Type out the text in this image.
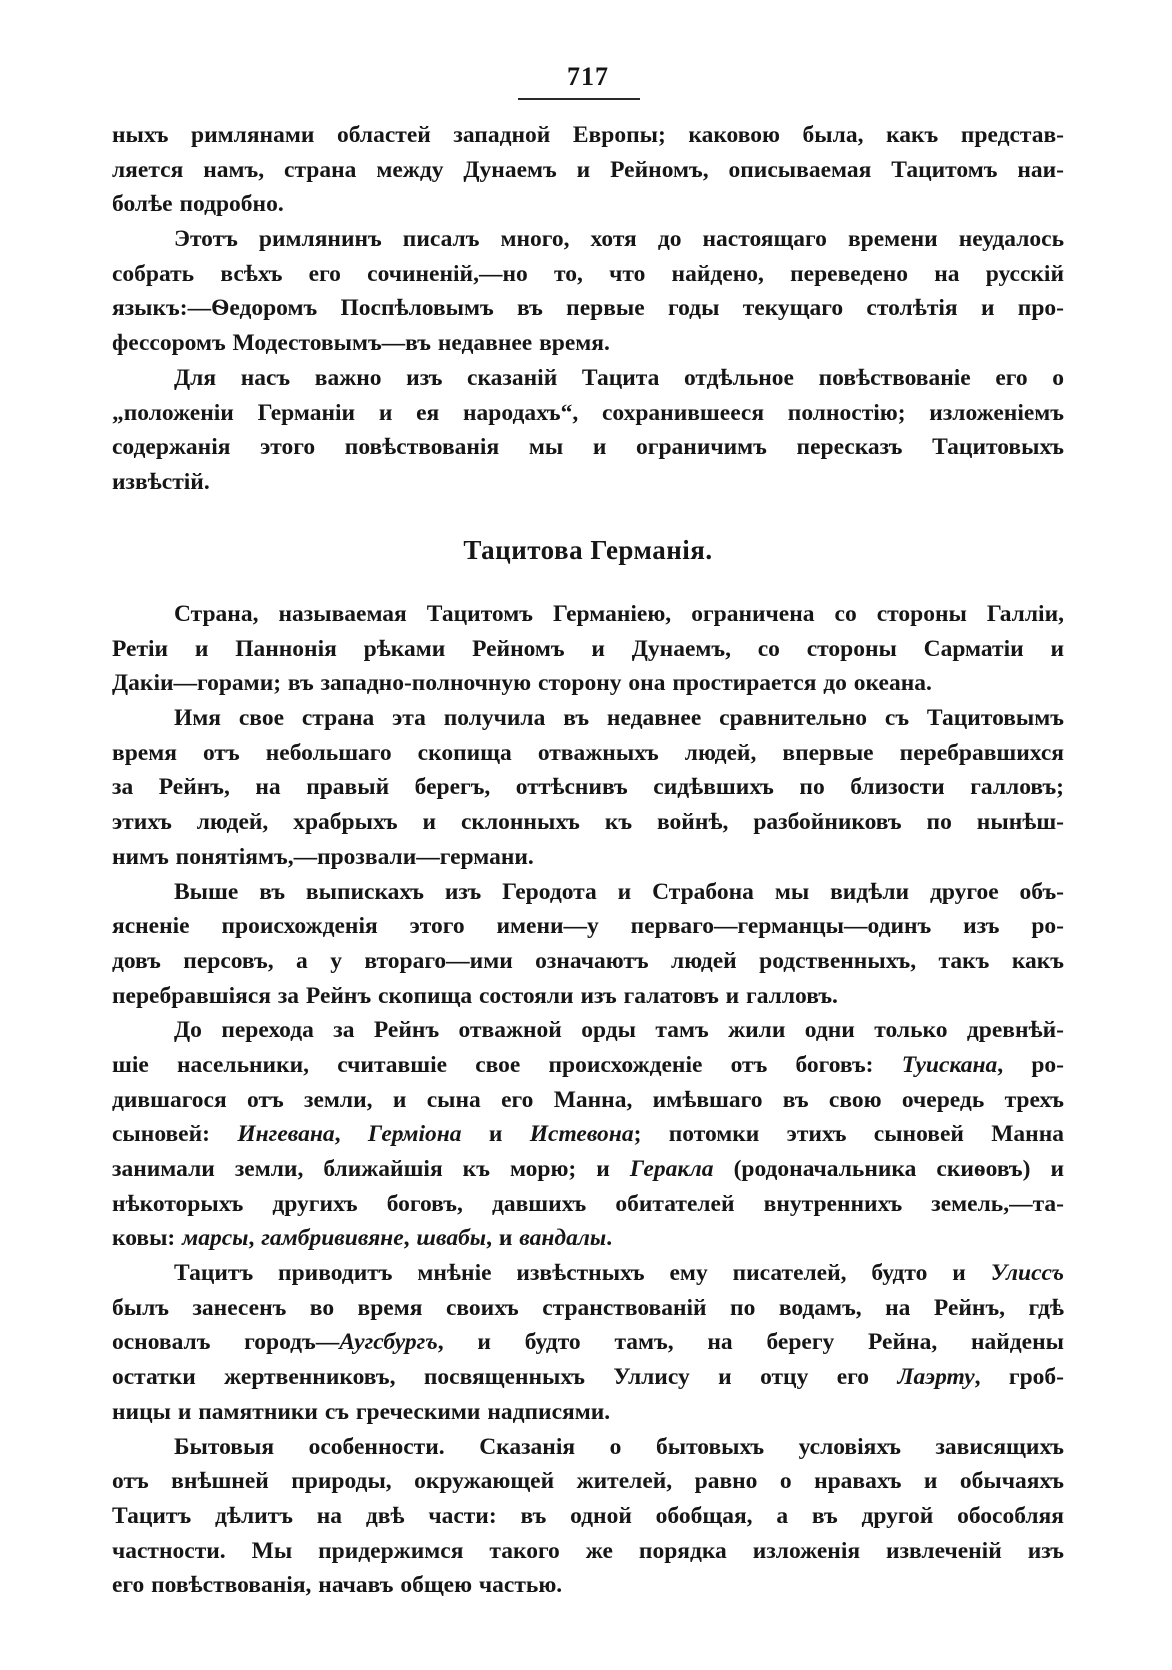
717
ныхъ римлянами областей западной Европы; каковою была, какъ представ-
ляется намъ, страна между Дунаемъ и Рейномъ, описываемая Тацитомъ наи-
болѣе подробно.
Этотъ римлянинъ писалъ много, хотя до настоящаго времени неудалось
собрать всѣхъ его сочиненій,—но то, что найдено, переведено на русскій
языкъ:—Ѳедоромъ Поспѣловымъ въ первые годы текущаго столѣтія и про-
фессоромъ Модестовымъ—въ недавнее время.
Для насъ важно изъ сказаній Тацита отдѣльное повѣствованіе его о
„положеніи Германіи и ея народахъ“, сохранившееся полностію; изложеніемъ
содержанія этого повѣствованія мы и ограничимъ пересказъ Тацитовыхъ
извѣстій.
Тацитова Германія.
Страна, называемая Тацитомъ Германіею, ограничена со стороны Галліи,
Ретіи и Паннонія рѣками Рейномъ и Дунаемъ, со стороны Сарматіи и
Дакіи—горами; въ западно-полночную сторону она простирается до океана.
Имя свое страна эта получила въ недавнее сравнительно съ Тацитовымъ
время отъ небольшаго скопища отважныхъ людей, впервые перебравшихся
за Рейнъ, на правый берегъ, оттѣснивъ сидѣвшихъ по близости галловъ;
этихъ людей, храбрыхъ и склонныхъ къ войнѣ, разбойниковъ по нынѣш-
нимъ понятіямъ,—прозвали—германи.
Выше въ выпискахъ изъ Геродота и Страбона мы видѣли другое объ-
ясненіе происхожденія этого имени—у перваго—германцы—одинъ изъ ро-
довъ персовъ, а у втораго—ими означаютъ людей родственныхъ, такъ какъ
перебравшіяся за Рейнъ скопища состояли изъ галатовъ и галловъ.
До перехода за Рейнъ отважной орды тамъ жили одни только древнѣй-
шіе насельники, считавшіе свое происхожденіе отъ боговъ: Туискана, ро-
дившагося отъ земли, и сына его Манна, имѣвшаго въ свою очередь трехъ
сыновей: Ингевана, Герміона и Истевона; потомки этихъ сыновей Манна
занимали земли, ближайшія къ морю; и Геракла (родоначальника скиѳовъ) и
нѣкоторыхъ другихъ боговъ, давшихъ обитателей внутреннихъ земель,—та-
ковы: марсы, гамбрививяне, швабы, и вандалы.
Тацитъ приводитъ мнѣніе извѣстныхъ ему писателей, будто и Улиссъ
былъ занесенъ во время своихъ странствованій по водамъ, на Рейнъ, гдѣ
основалъ городъ—Аугсбургъ, и будто тамъ, на берегу Рейна, найдены
остатки жертвенниковъ, посвященныхъ Уллису и отцу его Лаэрту, гроб-
ницы и памятники съ греческими надписями.
Бытовыя особенности. Сказанія о бытовыхъ условіяхъ зависящихъ
отъ внѣшней природы, окружающей жителей, равно о нравахъ и обычаяхъ
Тацитъ дѣлитъ на двѣ части: въ одной обобщая, а въ другой обособляя
частности. Мы придержимся такого же порядка изложенія извлеченій изъ
его повѣствованія, начавъ общею частью.
